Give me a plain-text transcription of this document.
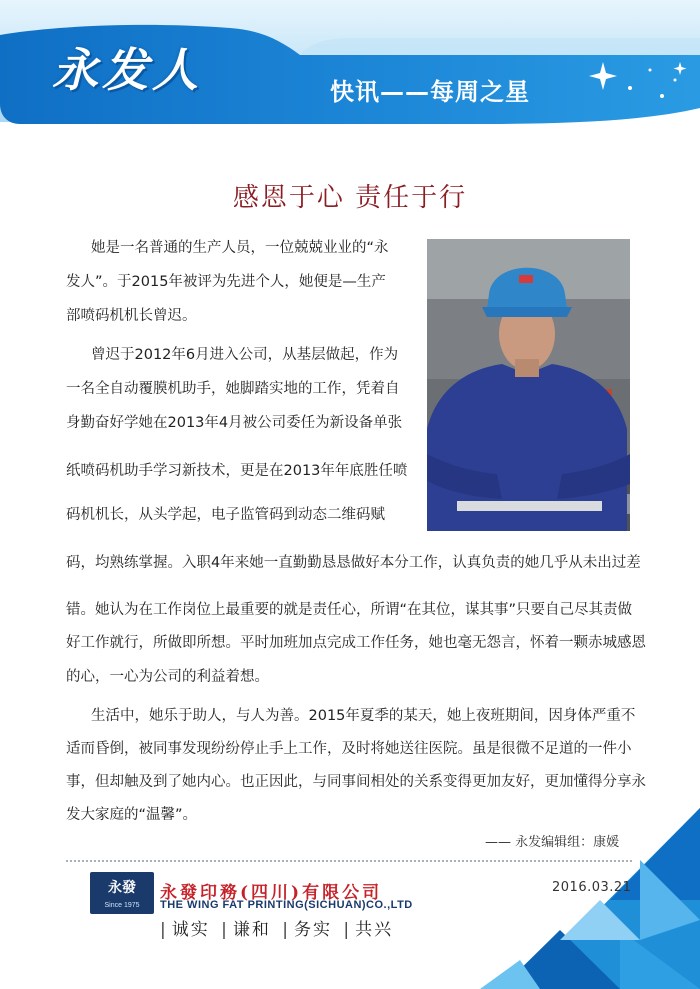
永发人	快讯——每周之星
感恩于心 责任于行
她是一名普通的生产人员，一位兢兢业业的“永
发人”。于2015年被评为先进个人，她便是—生产
部喷码机机长曾迟。
曾迟于2012年6月进入公司，从基层做起，作为
一名全自动覆膜机助手，她脚踏实地的工作，凭着自
身勤奋好学她在2013年4月被公司委任为新设备单张
纸喷码机助手学习新技术，更是在2013年年底胜任喷
码机机长，从头学起，电子监管码到动态二维码赋
码，均熟练掌握。入职4年来她一直勤勤恳恳做好本分工作，认真负责的她几乎从未出过差
错。她认为在工作岗位上最重要的就是责任心，所谓“在其位，谋其事”只要自己尽其责做
好工作就行，所做即所想。平时加班加点完成工作任务，她也毫无怨言，怀着一颗赤城感恩
的心，一心为公司的利益着想。
生活中，她乐于助人，与人为善。2015年夏季的某天，她上夜班期间，因身体严重不
适而昏倒，被同事发现纷纷停止手上工作，及时将她送往医院。虽是很微不足道的一件小
事，但却触及到了她内心。也正因此，与同事间相处的关系变得更加友好，更加懂得分享永
发大家庭的“温馨”。
—— 永发编辑组：康媛
永發
Since 1975
永發印務(四川)有限公司
THE WING FAT PRINTING(SICHUAN)CO.,LTD
| 诚实 | 谦和 | 务实 | 共兴
2016.03.21
